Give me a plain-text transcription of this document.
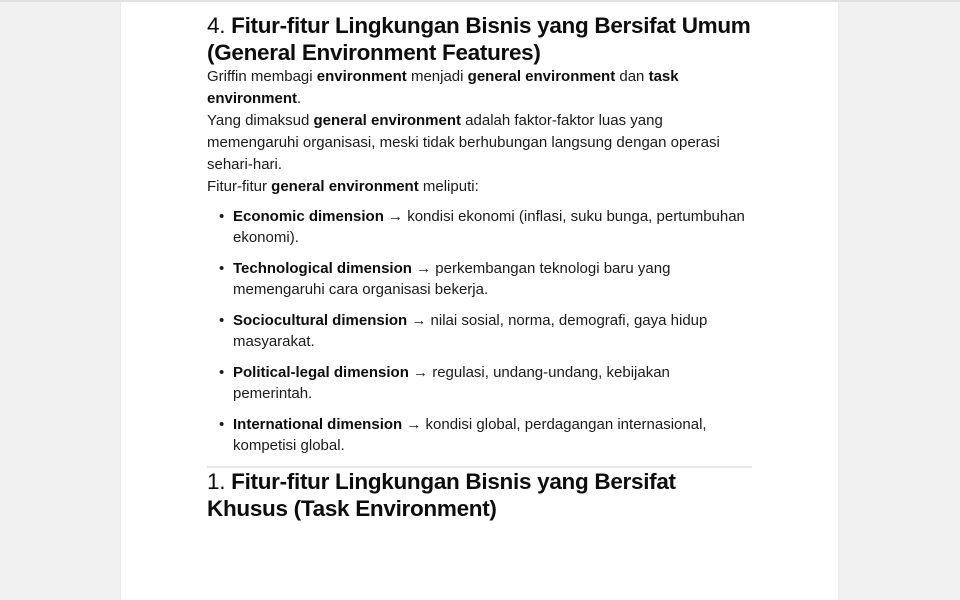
4. Fitur-fitur Lingkungan Bisnis yang Bersifat Umum (General Environment Features)

Griffin membagi environment menjadi general environment dan task environment.

Yang dimaksud general environment adalah faktor-faktor luas yang memengaruhi organisasi, meski tidak berhubungan langsung dengan operasi sehari-hari.

Fitur-fitur general environment meliputi:

• Economic dimension → kondisi ekonomi (inflasi, suku bunga, pertumbuhan ekonomi).
• Technological dimension → perkembangan teknologi baru yang memengaruhi cara organisasi bekerja.
• Sociocultural dimension → nilai sosial, norma, demografi, gaya hidup masyarakat.
• Political-legal dimension → regulasi, undang-undang, kebijakan pemerintah.
• International dimension → kondisi global, perdagangan internasional, kompetisi global.
1. Fitur-fitur Lingkungan Bisnis yang Bersifat Khusus (Task Environment)
